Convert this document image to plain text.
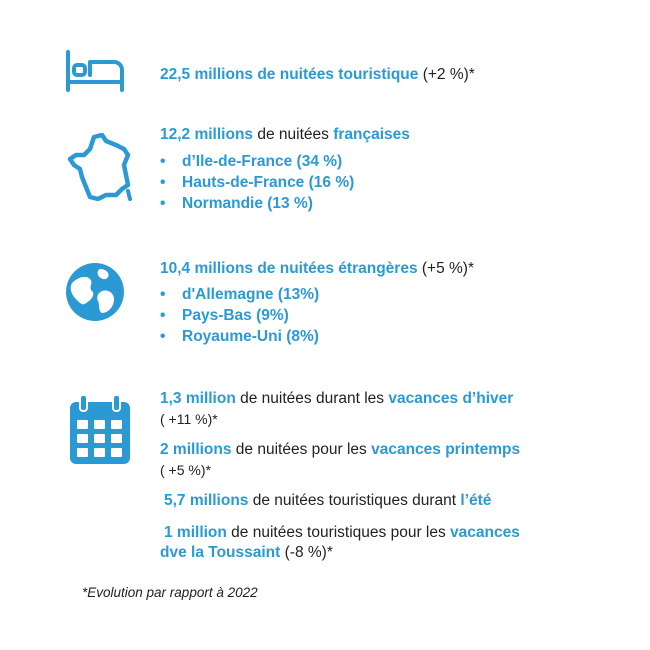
22,5 millions de nuitées touristique (+2 %)*
12,2 millions de nuitées françaises
• d’Ile-de-France (34 %)
• Hauts-de-France (16 %)
• Normandie (13 %)
10,4 millions de nuitées étrangères (+5 %)*
• d'Allemagne (13%)
• Pays-Bas (9%)
• Royaume-Uni (8%)
1,3 million de nuitées durant les vacances d’hiver
( +11 %)*
2 millions de nuitées pour les vacances printemps
( +5 %)*
5,7 millions de nuitées touristiques durant l’été
1 million de nuitées touristiques pour les vacances
dve la Toussaint (-8 %)*
*Evolution par rapport à 2022
